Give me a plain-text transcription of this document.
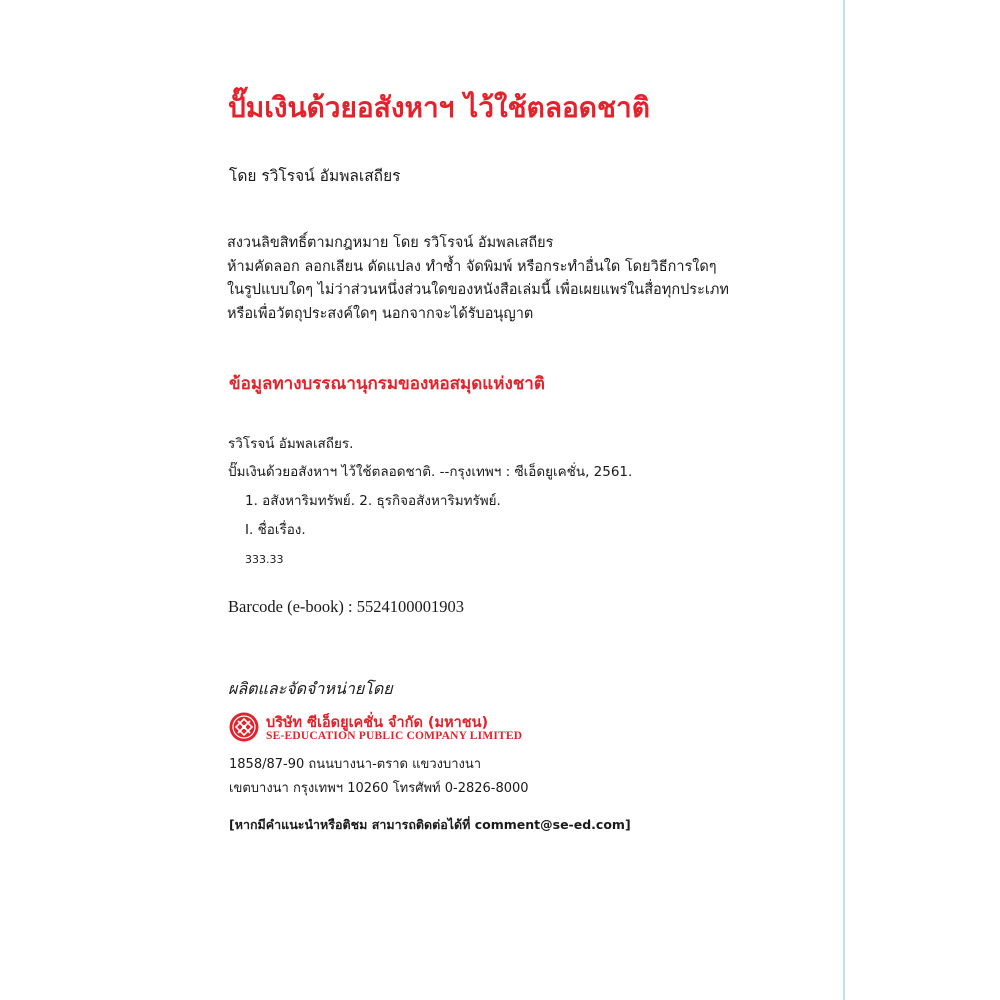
ปั๊มเงินด้วยอสังหาฯ ไว้ใช้ตลอดชาติ
โดย รวิโรจน์ อัมพลเสถียร
สงวนลิขสิทธิ์ตามกฎหมาย โดย รวิโรจน์ อัมพลเสถียร
ห้ามคัดลอก ลอกเลียน ดัดแปลง ทำซ้ำ จัดพิมพ์ หรือกระทำอื่นใด โดยวิธีการใดๆ
ในรูปแบบใดๆ ไม่ว่าส่วนหนึ่งส่วนใดของหนังสือเล่มนี้ เพื่อเผยแพร่ในสื่อทุกประเภท
หรือเพื่อวัตถุประสงค์ใดๆ นอกจากจะได้รับอนุญาต
ข้อมูลทางบรรณานุกรมของหอสมุดแห่งชาติ
รวิโรจน์ อัมพลเสถียร.
ปั๊มเงินด้วยอสังหาฯ ไว้ใช้ตลอดชาติ. --กรุงเทพฯ : ซีเอ็ดยูเคชั่น, 2561.
1. อสังหาริมทรัพย์. 2. ธุรกิจอสังหาริมทรัพย์.
I. ชื่อเรื่อง.
333.33
Barcode (e-book) : 5524100001903
ผลิตและจัดจำหน่ายโดย
บริษัท ซีเอ็ดยูเคชั่น จำกัด (มหาชน)
SE-EDUCATION PUBLIC COMPANY LIMITED
1858/87-90 ถนนบางนา-ตราด แขวงบางนา
เขตบางนา กรุงเทพฯ 10260 โทรศัพท์ 0-2826-8000
[หากมีคำแนะนำหรือติชม สามารถติดต่อได้ที่ comment@se-ed.com]
